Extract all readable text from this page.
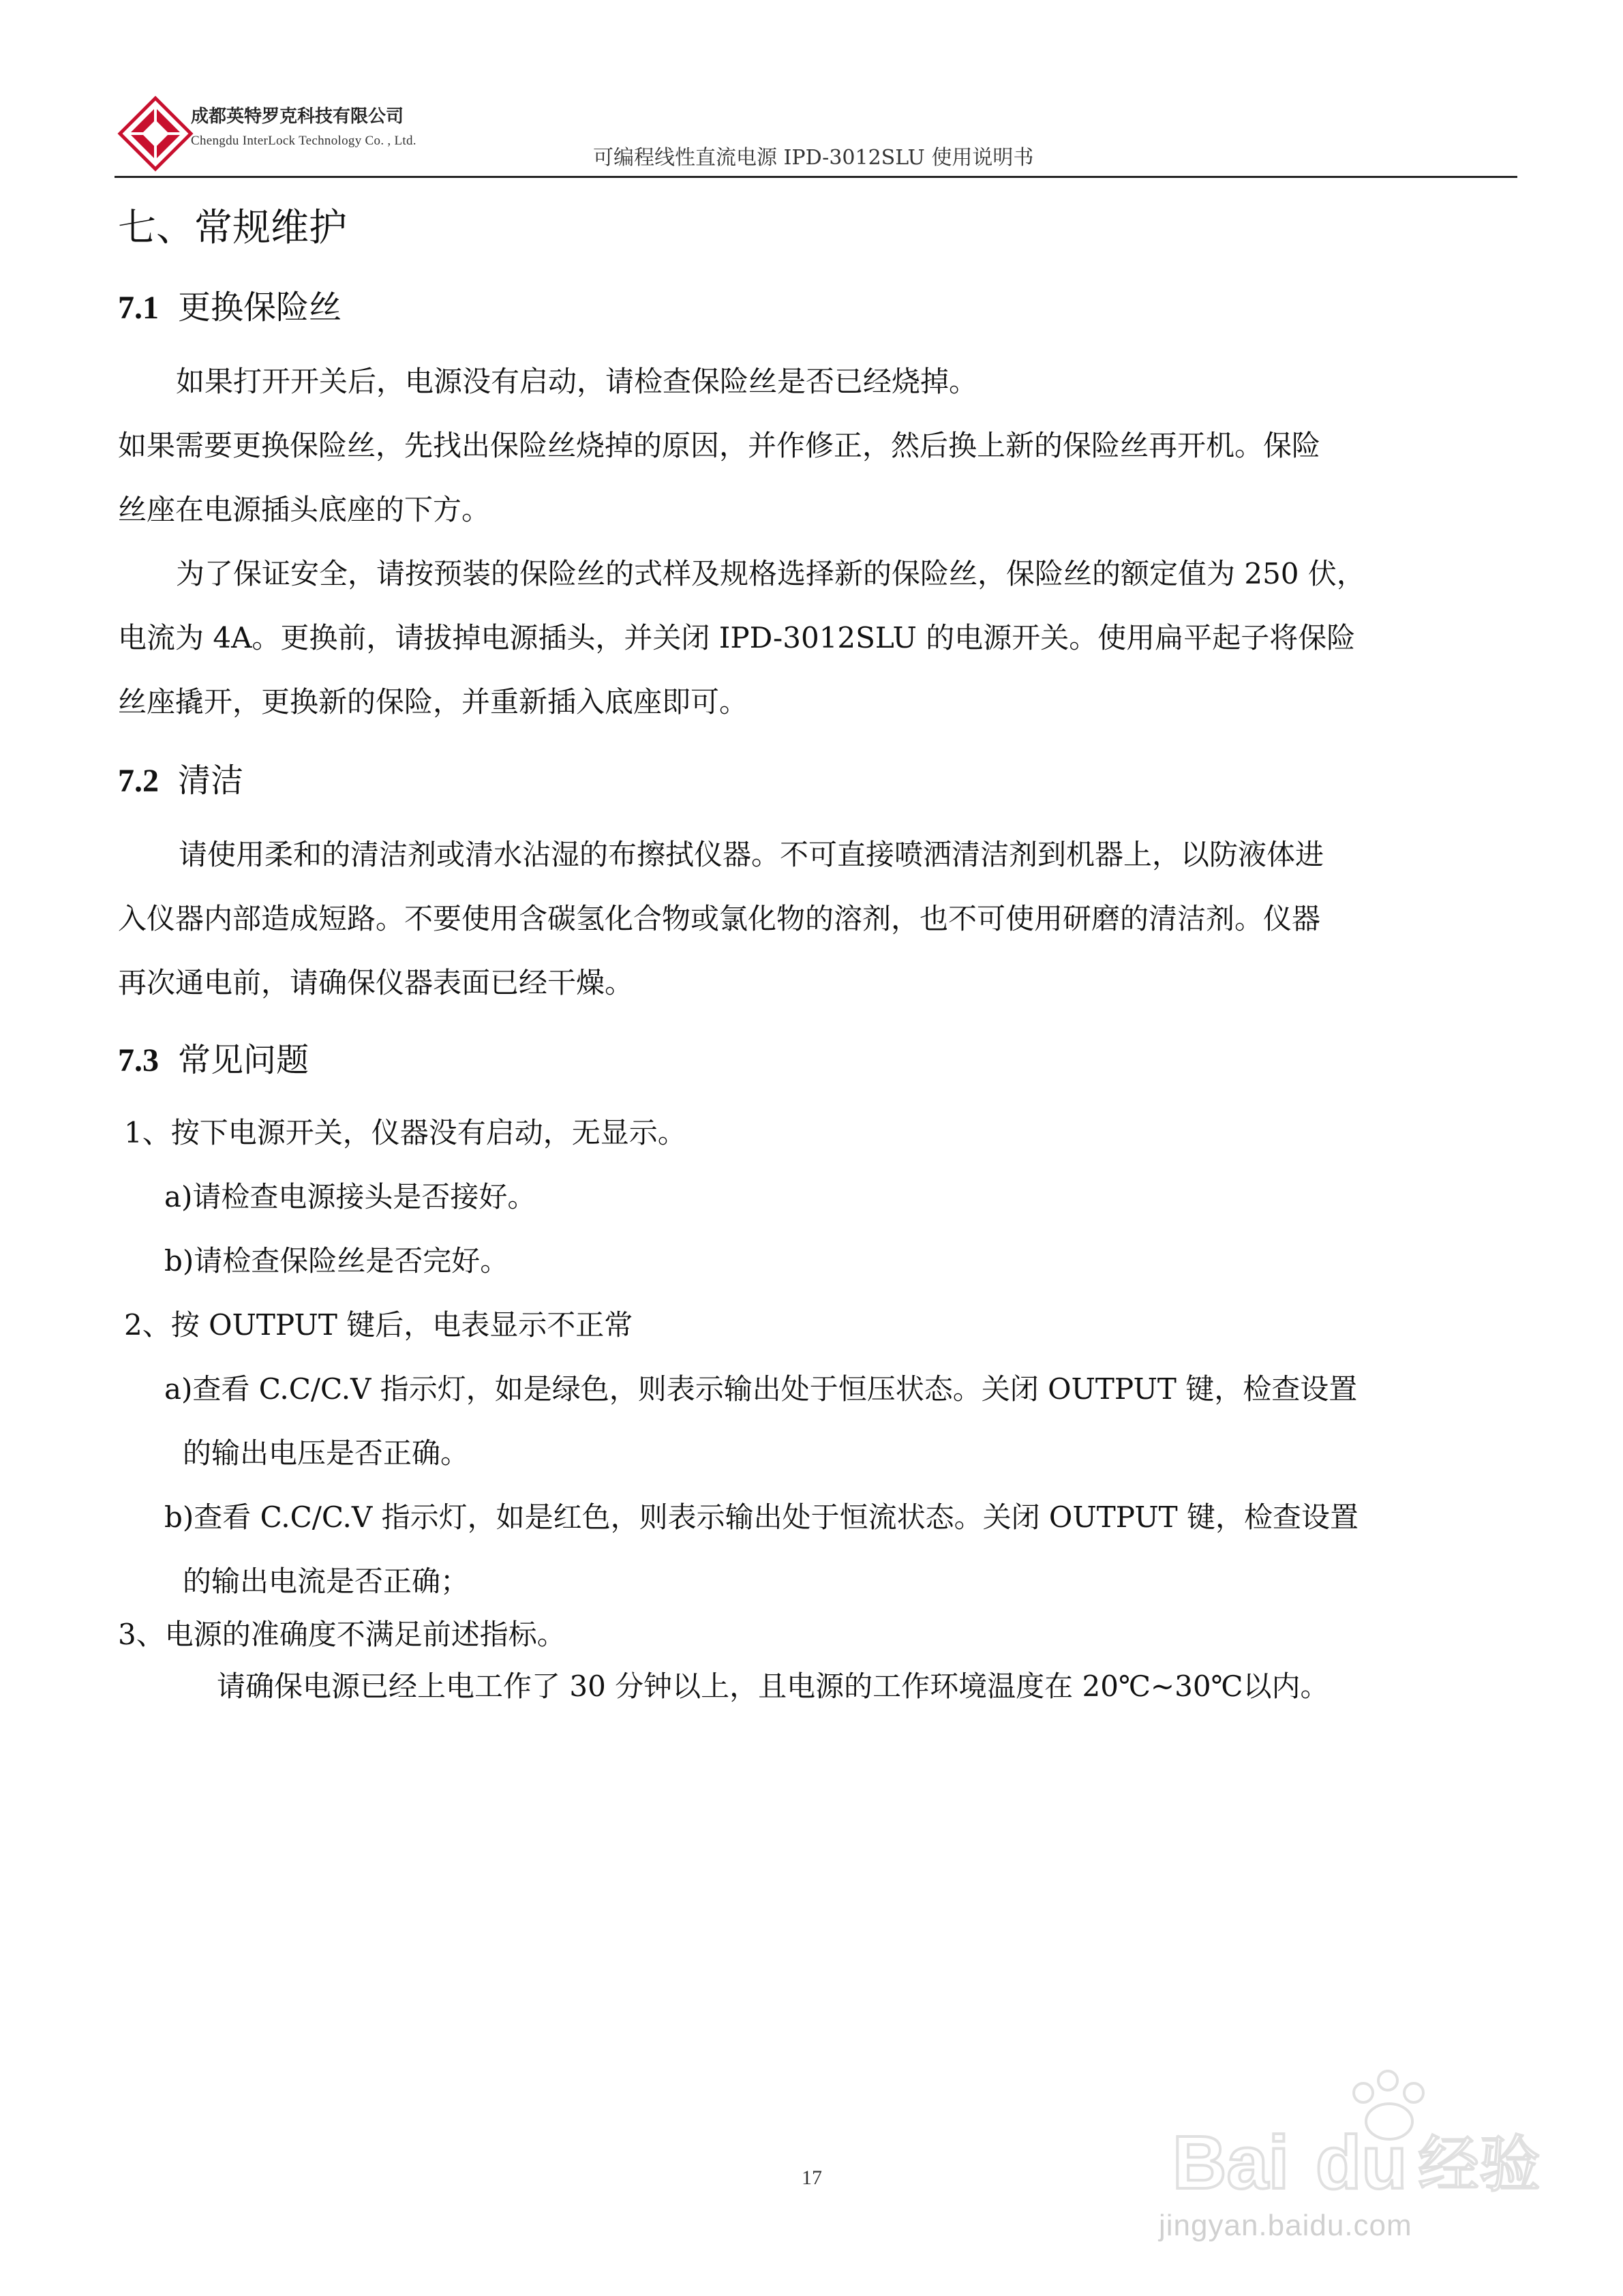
成都英特罗克科技有限公司
Chengdu InterLock Technology Co. , Ltd.
可编程线性直流电源 IPD-3012SLU 使用说明书
七、常规维护
7.1 更换保险丝
如果打开开关后，电源没有启动，请检查保险丝是否已经烧掉。
如果需要更换保险丝，先找出保险丝烧掉的原因，并作修正，然后换上新的保险丝再开机。保险
丝座在电源插头底座的下方。
为了保证安全，请按预装的保险丝的式样及规格选择新的保险丝，保险丝的额定值为 250 伏，
电流为 4A。更换前，请拔掉电源插头，并关闭 IPD-3012SLU 的电源开关。使用扁平起子将保险
丝座撬开，更换新的保险，并重新插入底座即可。
7.2 清洁
请使用柔和的清洁剂或清水沾湿的布擦拭仪器。不可直接喷洒清洁剂到机器上，以防液体进
入仪器内部造成短路。不要使用含碳氢化合物或氯化物的溶剂，也不可使用研磨的清洁剂。仪器
再次通电前，请确保仪器表面已经干燥。
7.3 常见问题
1、按下电源开关，仪器没有启动，无显示。
a)请检查电源接头是否接好。
b)请检查保险丝是否完好。
2、按 OUTPUT 键后，电表显示不正常
a)查看 C.C/C.V 指示灯，如是绿色，则表示输出处于恒压状态。关闭 OUTPUT 键，检查设置
的输出电压是否正确。
b)查看 C.C/C.V 指示灯，如是红色，则表示输出处于恒流状态。关闭 OUTPUT 键，检查设置
的输出电流是否正确；
3、电源的准确度不满足前述指标。
请确保电源已经上电工作了 30 分钟以上，且电源的工作环境温度在 20℃~30℃以内。
17	Bai du 经验
jingyan.baidu.com
